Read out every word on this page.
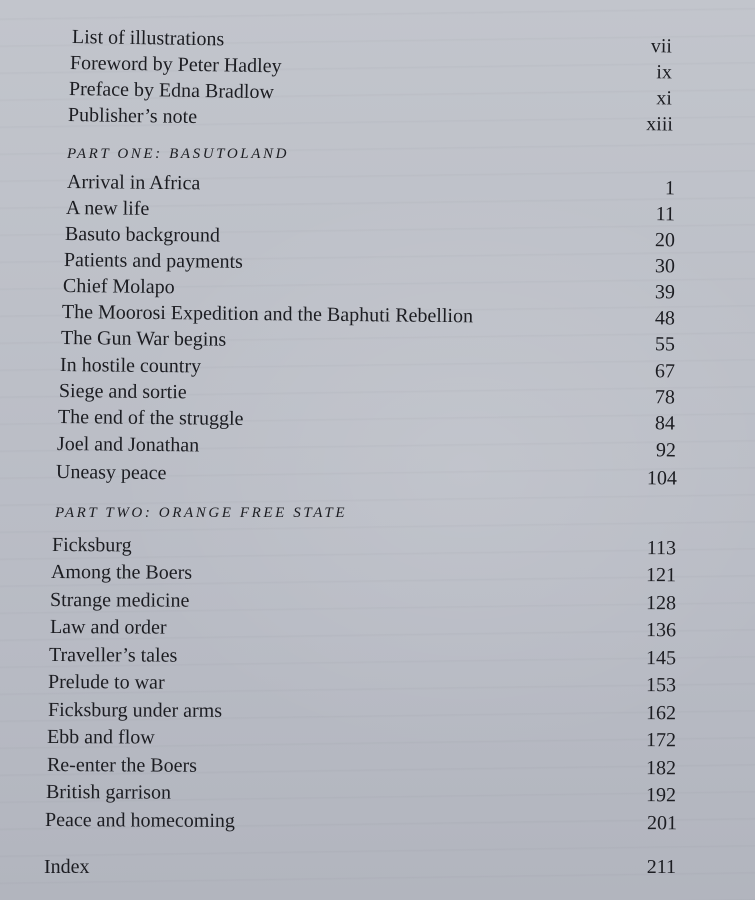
List of illustrations	vii
Foreword by Peter Hadley	ix
Preface by Edna Bradlow	xi
Publisher’s note	xiii
PART ONE: BASUTOLAND
Arrival in Africa	1
A new life	11
Basuto background	20
Patients and payments	30
Chief Molapo	39
The Moorosi Expedition and the Baphuti Rebellion	48
The Gun War begins	55
In hostile country	67
Siege and sortie	78
The end of the struggle	84
Joel and Jonathan	92
Uneasy peace	104
PART TWO: ORANGE FREE STATE
Ficksburg	113
Among the Boers	121
Strange medicine	128
Law and order	136
Traveller’s tales	145
Prelude to war	153
Ficksburg under arms	162
Ebb and flow	172
Re-enter the Boers	182
British garrison	192
Peace and homecoming	201
Index	211
